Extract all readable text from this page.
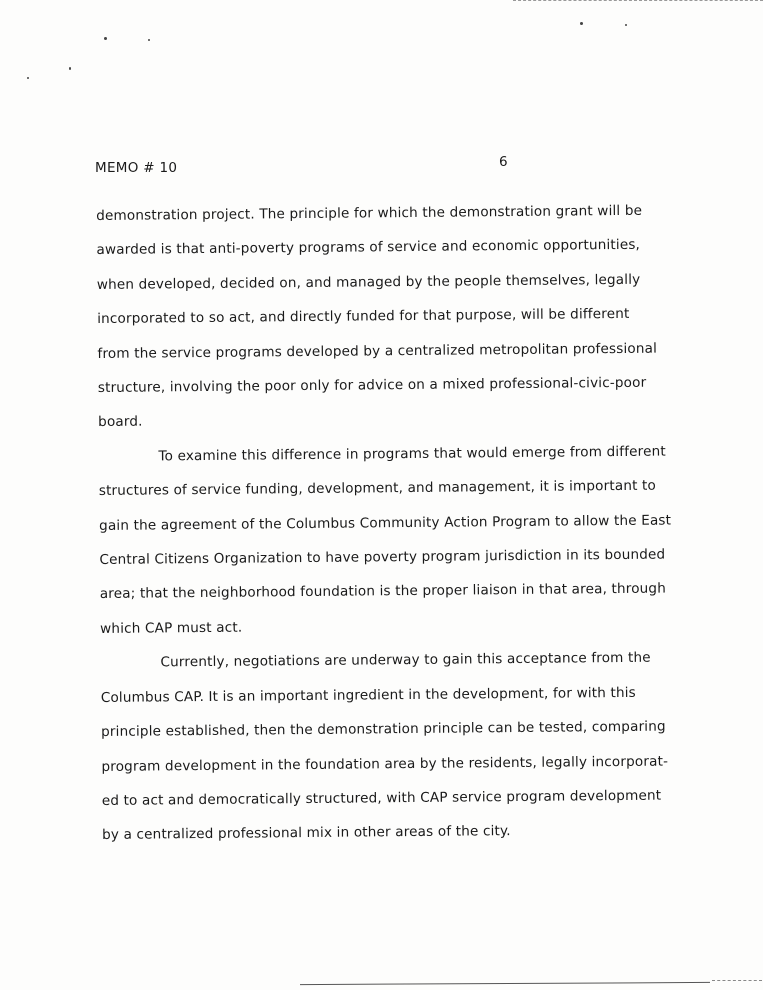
MEMO # 10	6
demonstration project. The principle for which the demonstration grant will be
awarded is that anti-poverty programs of service and economic opportunities,
when developed, decided on, and managed by the people themselves, legally
incorporated to so act, and directly funded for that purpose, will be different
from the service programs developed by a centralized metropolitan professional
structure, involving the poor only for advice on a mixed professional-civic-poor
board.
To examine this difference in programs that would emerge from different
structures of service funding, development, and management, it is important to
gain the agreement of the Columbus Community Action Program to allow the East
Central Citizens Organization to have poverty program jurisdiction in its bounded
area; that the neighborhood foundation is the proper liaison in that area, through
which CAP must act.
Currently, negotiations are underway to gain this acceptance from the
Columbus CAP. It is an important ingredient in the development, for with this
principle established, then the demonstration principle can be tested, comparing
program development in the foundation area by the residents, legally incorporat-
ed to act and democratically structured, with CAP service program development
by a centralized professional mix in other areas of the city.
